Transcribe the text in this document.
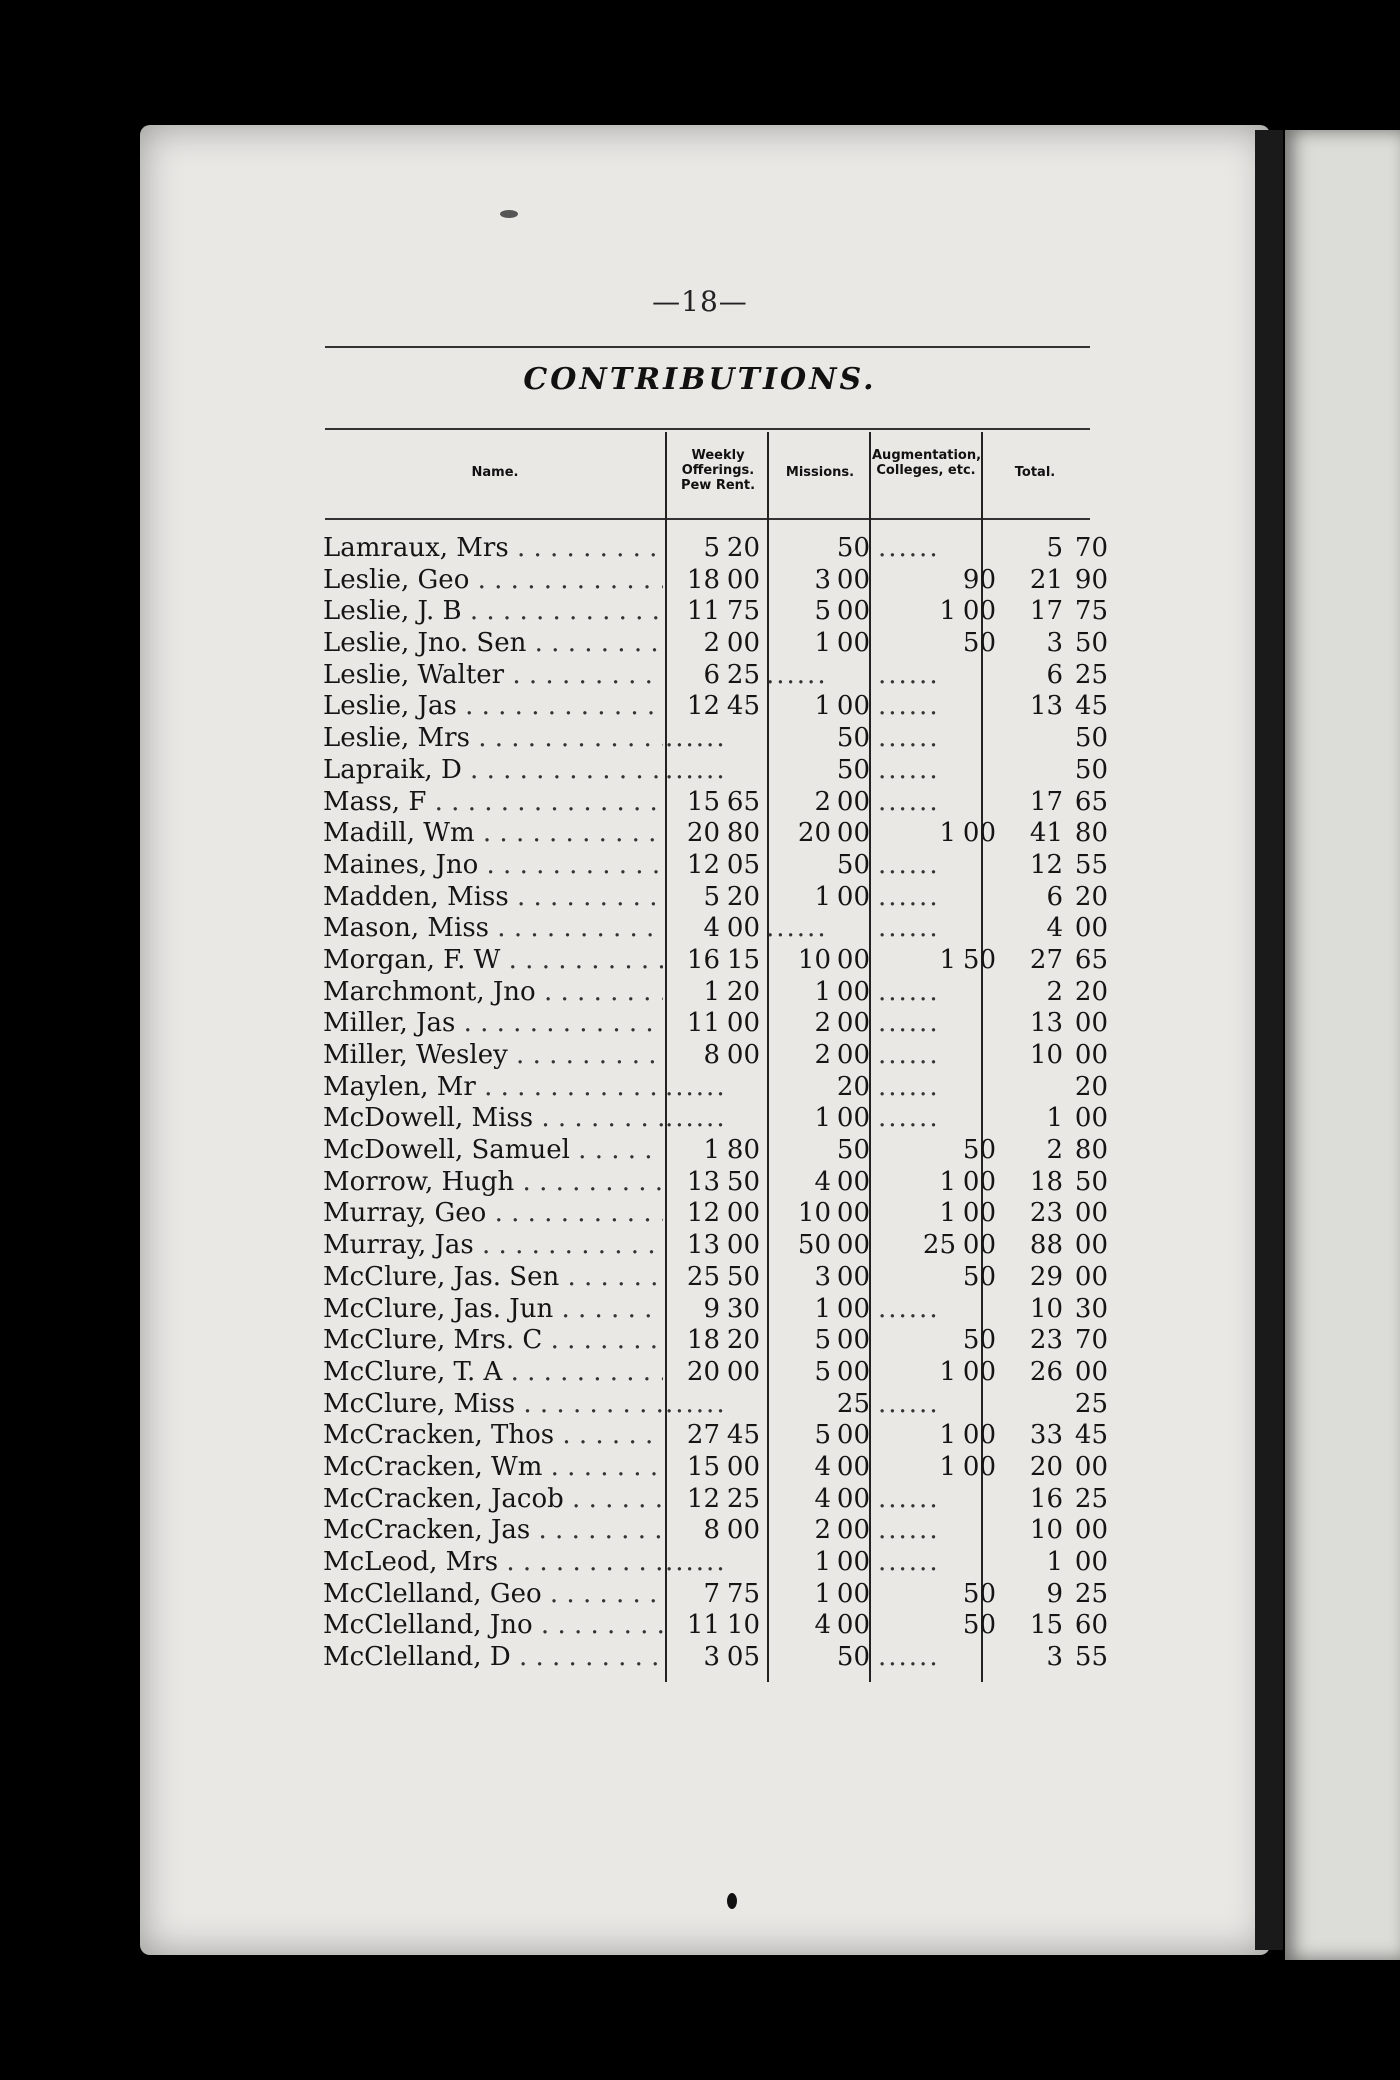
—18—
CONTRIBUTIONS.
Name.
Weekly Offerings. Pew Rent.
Missions.
Augmentation, Colleges, etc.	Total.
Lamraux, Mrs . . .	5 20	50 ......	5 70
Leslie, Geo . . .	18 00	3 00	90	21 90
Leslie, J. B . . .	11 75	5 00	1 00	17 75
Leslie, Jno. Sen . . .	2 00	1 00	50	3 50
Leslie, Walter . . .	6 25 ......	......	6 25
Leslie, Jas . . .	12 45	1 00 ......	13 45
Leslie, Mrs . . .	......	50 ......	50
Lapraik, D . . .	......	50 ......	50
Mass, F . . .	15 65	2 00 ......	17 65
Madill, Wm . . .	20 80	20 00	1 00	41 80
Maines, Jno . . .	12 05	50 ......	12 55
Madden, Miss . . .	5 20	1 00 ......	6 20
Mason, Miss . . .	4 00 ......	......	4 00
Morgan, F. W . . .	16 15	10 00	1 50	27 65
Marchmont, Jno . . .	1 20	1 00 ......	2 20
Miller, Jas . . .	11 00	2 00 ......	13 00
Miller, Wesley . . .	8 00	2 00 ......	10 00
Maylen, Mr . . .	......	20 ......	20
McDowell, Miss . . .	......	1 00 ......	1 00
McDowell, Samuel . . .	1 80	50	50	2 80
Morrow, Hugh . . .	13 50	4 00	1 00	18 50
Murray, Geo . . .	12 00	10 00	1 00	23 00
Murray, Jas . . .	13 00	50 00	25 00	88 00
McClure, Jas. Sen . . .	25 50	3 00	50	29 00
McClure, Jas. Jun . . .	9 30	1 00 ......	10 30
McClure, Mrs. C . . .	18 20	5 00	50	23 70
McClure, T. A . . .	20 00	5 00	1 00	26 00
McClure, Miss . . .	......	25 ......	25
McCracken, Thos . . .	27 45	5 00	1 00	33 45
McCracken, Wm . . .	15 00	4 00	1 00	20 00
McCracken, Jacob . . .	12 25	4 00 ......	16 25
McCracken, Jas . . .	8 00	2 00 ......	10 00
McLeod, Mrs . . .	......	1 00 ......	1 00
McClelland, Geo . . .	7 75	1 00	50	9 25
McClelland, Jno . . .	11 10	4 00	50	15 60
McClelland, D . . .	3 05	50 ......	3 55
